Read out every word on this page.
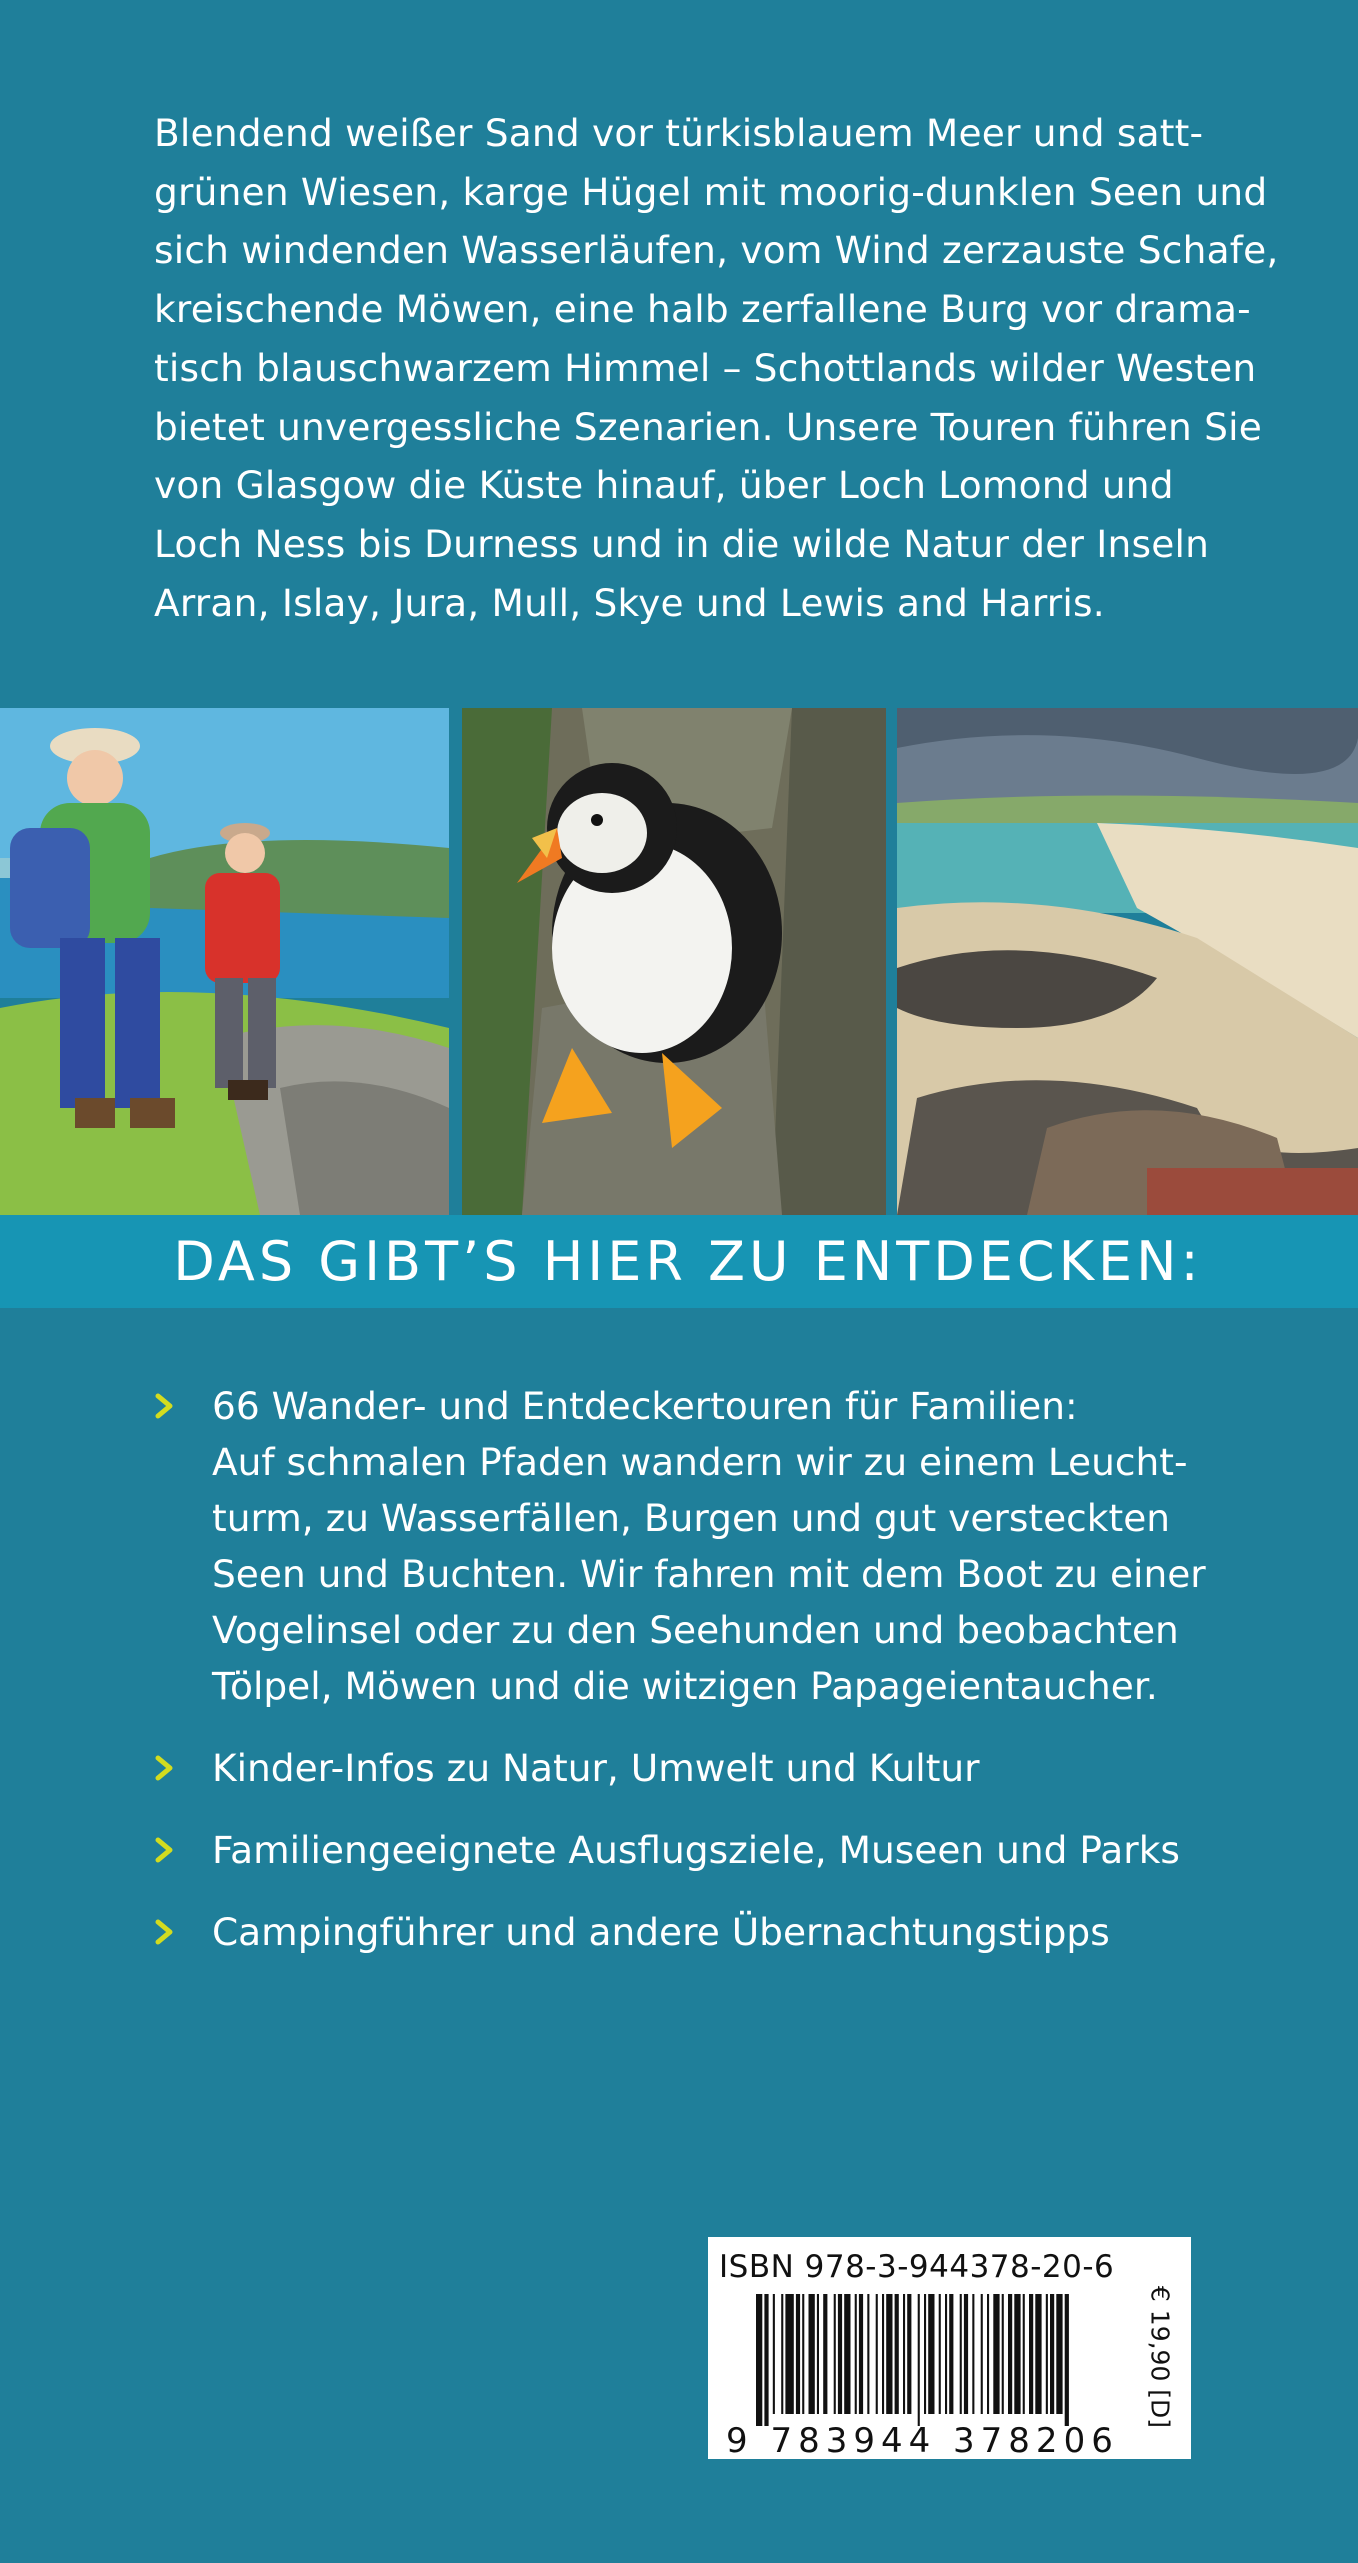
Blendend weißer Sand vor türkisblauem Meer und satt-
grünen Wiesen, karge Hügel mit moorig-dunklen Seen und
sich windenden Wasserläufen, vom Wind zerzauste Schafe,
kreischende Möwen, eine halb zerfallene Burg vor drama-
tisch blauschwarzem Himmel – Schottlands wilder Westen
bietet unvergessliche Szenarien. Unsere Touren führen Sie
von Glasgow die Küste hinauf, über Loch Lomond und
Loch Ness bis Durness und in die wilde Natur der Inseln
Arran, Islay, Jura, Mull, Skye und Lewis and Harris.
DAS GIBT’S HIER ZU ENTDECKEN:
66 Wander- und Entdeckertouren für Familien:
Auf schmalen Pfaden wandern wir zu einem Leucht-
turm, zu Wasserfällen, Burgen und gut versteckten
Seen und Buchten. Wir fahren mit dem Boot zu einer
Vogelinsel oder zu den Seehunden und beobachten
Tölpel, Möwen und die witzigen Papageientaucher.
Kinder-Infos zu Natur, Umwelt und Kultur
Familiengeeignete Ausflugsziele, Museen und Parks
Campingführer und andere Übernachtungstipps
ISBN 978-3-944378-20-6
9 783944 378206
€ 19,90 [D]
